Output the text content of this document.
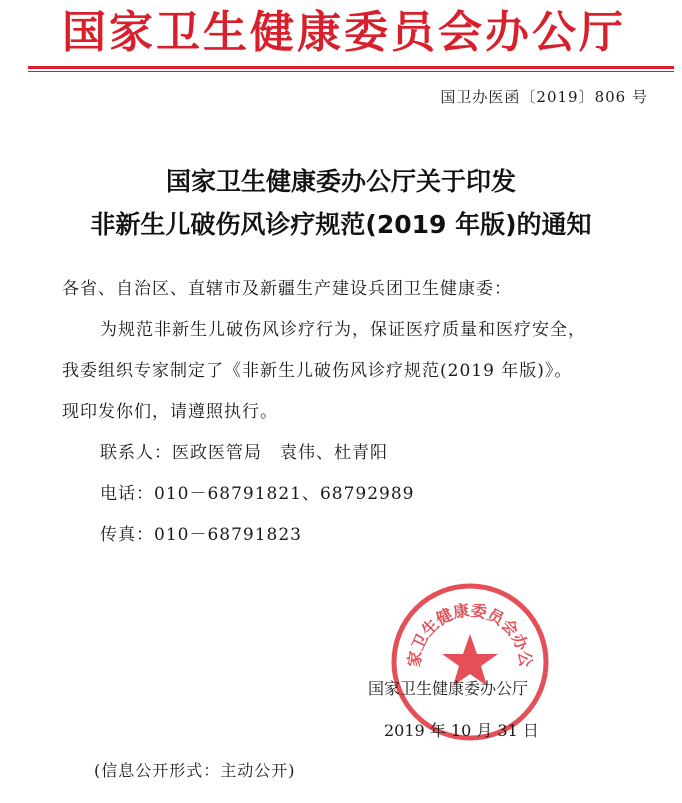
国家卫生健康委员会办公厅
国卫办医函〔2019〕806 号
国家卫生健康委办公厅关于印发
非新生儿破伤风诊疗规范(2019 年版)的通知
各省、自治区、直辖市及新疆生产建设兵团卫生健康委：
为规范非新生儿破伤风诊疗行为，保证医疗质量和医疗安全，
我委组织专家制定了《非新生儿破伤风诊疗规范(2019 年版)》。
现印发你们，请遵照执行。
联系人：医政医管局　袁伟、杜青阳
电话：010－68791821、68792989
传真：010－68791823
家卫生健康委员会办公
国家卫生健康委办公厅
2019 年 10 月 31 日
(信息公开形式：主动公开)
